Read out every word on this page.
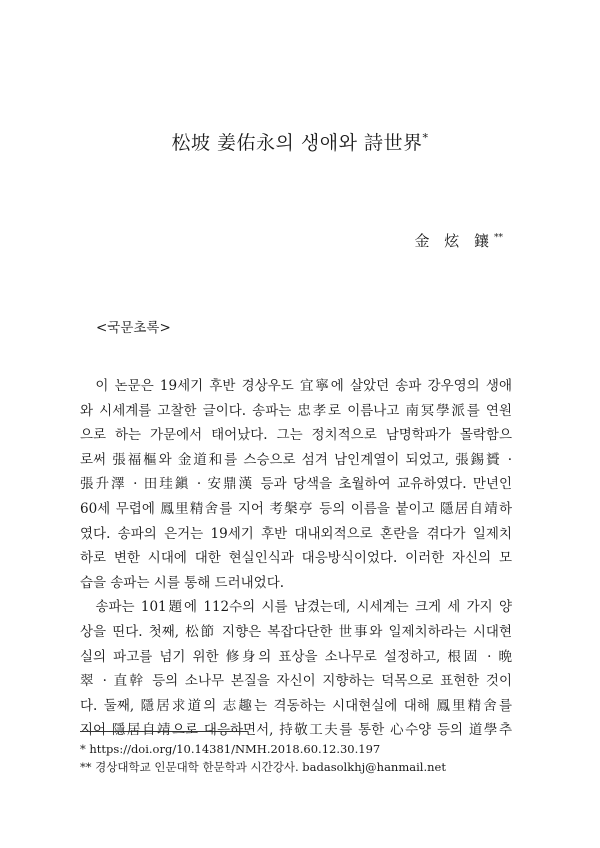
松坡 姜佑永의 생애와 詩世界*
金 炫 鑲**
<국문초록>

　이 논문은 19세기 후반 경상우도 宜寧에 살았던 송파 강우영의 생애
와 시세계를 고찰한 글이다. 송파는 忠孝로 이름나고 南冥學派를 연원
으로 하는 가문에서 태어났다. 그는 정치적으로 남명학파가 몰락함으
로써 張福樞와 金道和를 스승으로 섬겨 남인계열이 되었고, 張錫贇 ·
張升澤 · 田珪鎭 · 安鼎漢 등과 당색을 초월하여 교유하였다. 만년인
60세 무렵에 鳳里精舍를 지어 考槃亭 등의 이름을 붙이고 隱居自靖하
였다. 송파의 은거는 19세기 후반 대내외적으로 혼란을 겪다가 일제치
하로 변한 시대에 대한 현실인식과 대응방식이었다. 이러한 자신의 모
습을 송파는 시를 통해 드러내었다.

　송파는 101題에 112수의 시를 남겼는데, 시세계는 크게 세 가지 양
상을 띤다. 첫째, 松節 지향은 복잡다단한 世事와 일제치하라는 시대현
실의 파고를 넘기 위한 修身의 표상을 소나무로 설정하고, 根固 · 晩
翠 · 直幹 등의 소나무 본질을 자신이 지향하는 덕목으로 표현한 것이
다. 둘째, 隱居求道의 志趣는 격동하는 시대현실에 대해 鳳里精舍를
지어 隱居自靖으로 대응하면서, 持敬工夫를 통한 心수양 등의 道學추

* https://doi.org/10.14381/NMH.2018.60.12.30.197
** 경상대학교 인문대학 한문학과 시간강사. badasolkhj@hanmail.net
